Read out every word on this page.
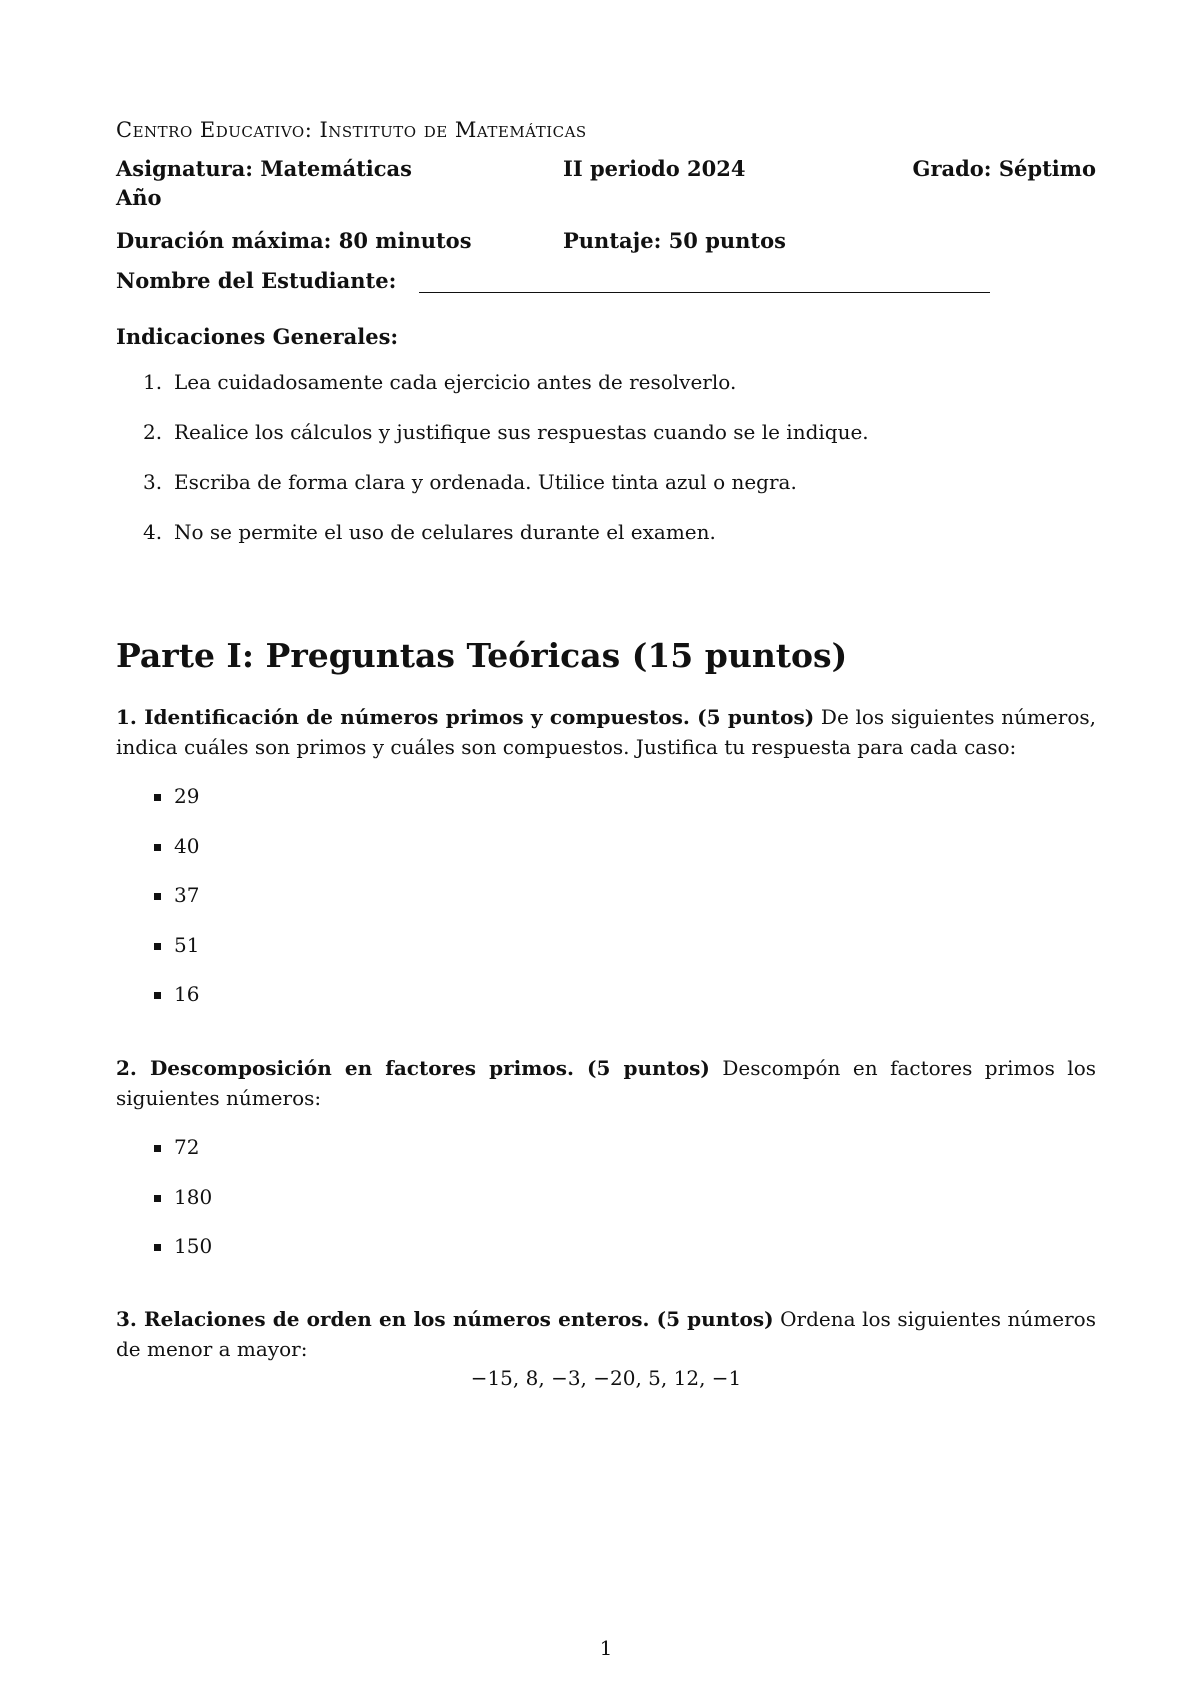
Centro Educativo: Instituto de Matemáticas
Asignatura: Matemáticas	II periodo 2024	Grado: Séptimo
Año
Duración máxima: 80 minutos	Puntaje: 50 puntos
Nombre del Estudiante:
Indicaciones Generales:
1. Lea cuidadosamente cada ejercicio antes de resolverlo.
2. Realice los cálculos y justifique sus respuestas cuando se le indique.
3. Escriba de forma clara y ordenada. Utilice tinta azul o negra.
4. No se permite el uso de celulares durante el examen.
Parte I: Preguntas Teóricas (15 puntos)
1. Identificación de números primos y compuestos. (5 puntos) De los siguientes números, indica cuáles son primos y cuáles son compuestos. Justifica tu respuesta para cada caso:
29
40
37
51
16
2. Descomposición en factores primos. (5 puntos) Descompón en factores primos los siguientes números:
72
180
150
3. Relaciones de orden en los números enteros. (5 puntos) Ordena los siguientes números de menor a mayor:
−15, 8, −3, −20, 5, 12, −1
1
